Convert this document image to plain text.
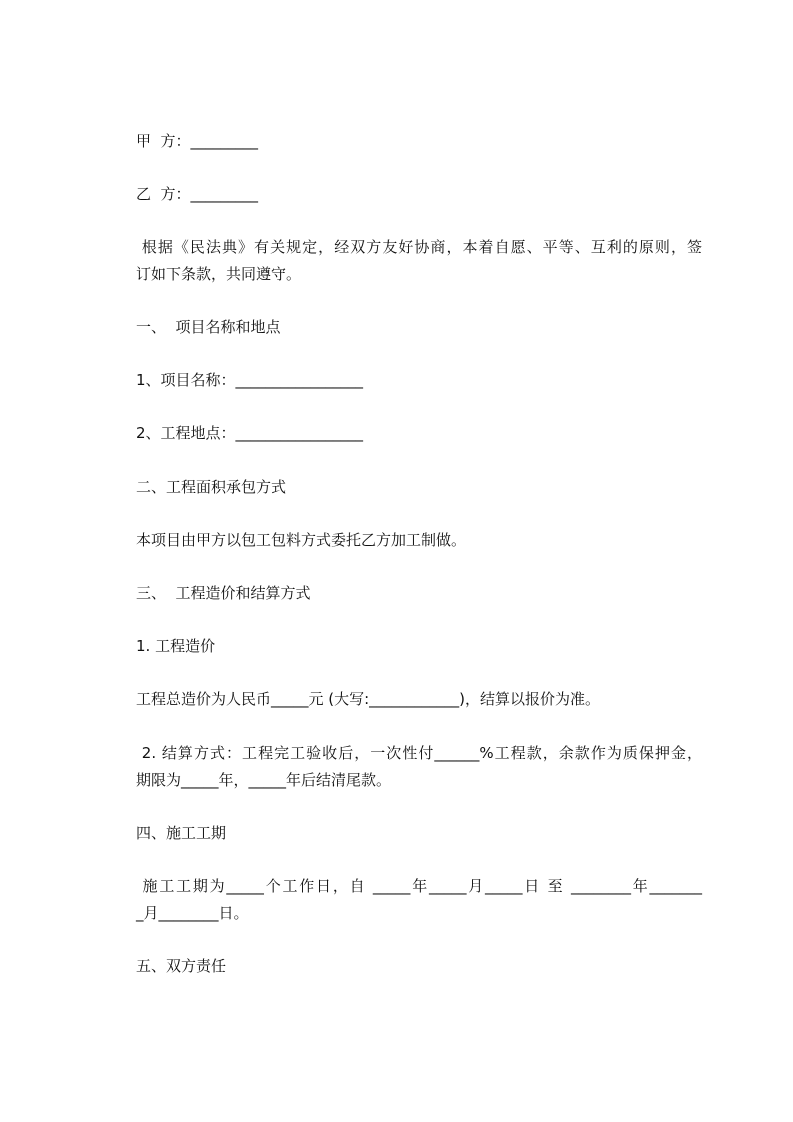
甲  方：_________
乙  方：_________
根据《民法典》有关规定，经双方友好协商，本着自愿、平等、互利的原则，签
订如下条款，共同遵守。
一、  项目名称和地点
1、项目名称：_________________
2、工程地点：_________________
二、工程面积承包方式
本项目由甲方以包工包料方式委托乙方加工制做。
三、  工程造价和结算方式
1. 工程造价
工程总造价为人民币_____元 (大写:____________)，结算以报价为准。
2. 结算方式：工程完工验收后，一次性付______%工程款，余款作为质保押金，
期限为_____年，_____年后结清尾款。
四、施工工期
施工工期为_____个工作日，自 _____年_____月_____日 至 ________年_______
_月________日。
五、双方责任
